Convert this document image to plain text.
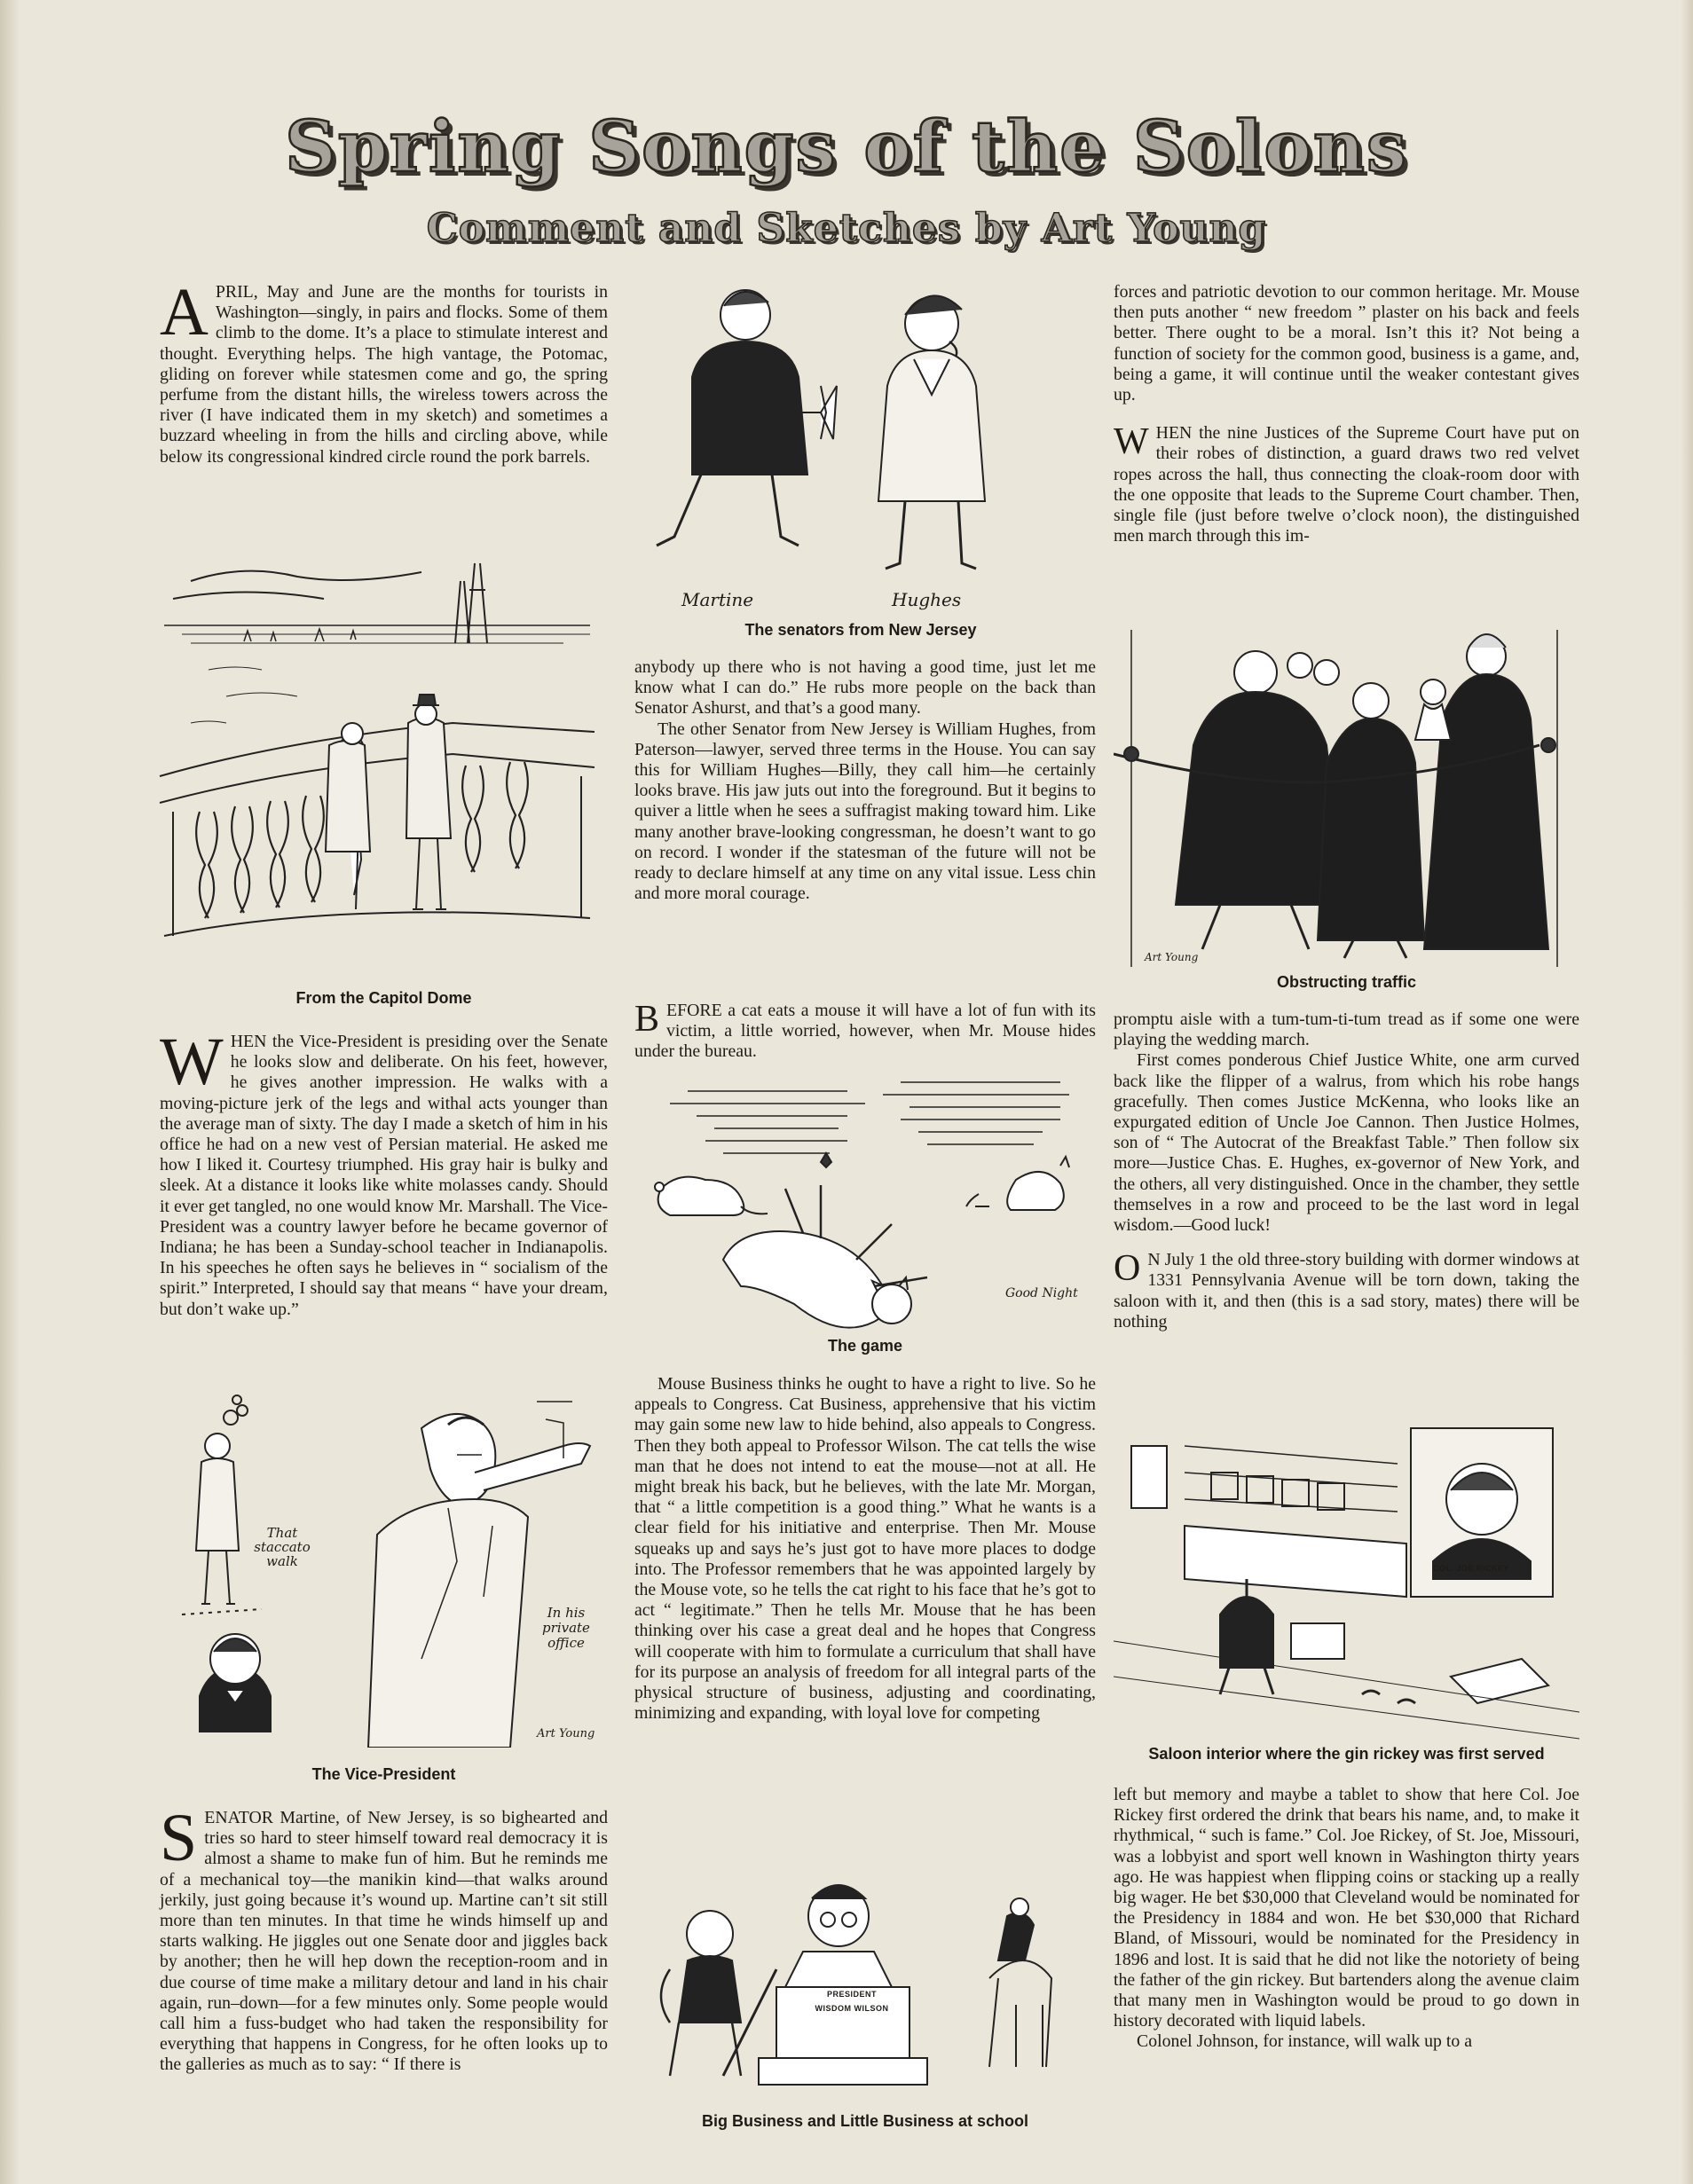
Spring Songs of the Solons
Comment and Sketches by Art Young

APRIL, May and June are the months for tourists in Washington—singly, in pairs and flocks. Some of them climb to the dome. It’s a place to stimulate interest and thought. Everything helps. The high vantage, the Potomac, gliding on forever while statesmen come and go, the spring perfume from the distant hills, the wireless towers across the river (I have indicated them in my sketch) and sometimes a buzzard wheeling in from the hills and circling above, while below its congressional kindred circle round the pork barrels.

From the Capitol Dome

WHEN the Vice-President is presiding over the Senate he looks slow and deliberate. On his feet, however, he gives another impression. He walks with a moving-picture jerk of the legs and withal acts younger than the average man of sixty. The day I made a sketch of him in his office he had on a new vest of Persian material. He asked me how I liked it. Courtesy triumphed. His gray hair is bulky and sleek. At a distance it looks like white molasses candy. Should it ever get tangled, no one would know Mr. Marshall. The Vice-President was a country lawyer before he became governor of Indiana; he has been a Sunday-school teacher in Indianapolis. In his speeches he often says he believes in “ socialism of the spirit.” Interpreted, I should say that means “ have your dream, but don’t wake up.”

That staccato walk
In his private office
Art Young
The Vice-President

SENATOR Martine, of New Jersey, is so bighearted and tries so hard to steer himself toward real democracy it is almost a shame to make fun of him. But he reminds me of a mechanical toy—the manikin kind—that walks around jerkily, just going because it’s wound up. Martine can’t sit still more than ten minutes. In that time he winds himself up and starts walking. He jiggles out one Senate door and jiggles back by another; then he will hep down the reception-room and in due course of time make a military detour and land in his chair again, run–down—for a few minutes only. Some people would call him a fuss-budget who had taken the responsibility for everything that happens in Congress, for he often looks up to the galleries as much as to say: “ If there is

Martine	Hughes
The senators from New Jersey

anybody up there who is not having a good time, just let me know what I can do.” He rubs more people on the back than Senator Ashurst, and that’s a good many.

The other Senator from New Jersey is William Hughes, from Paterson—lawyer, served three terms in the House. You can say this for William Hughes—Billy, they call him—he certainly looks brave. His jaw juts out into the foreground. But it begins to quiver a little when he sees a suffragist making toward him. Like many another brave-looking congressman, he doesn’t want to go on record. I wonder if the statesman of the future will not be ready to declare himself at any time on any vital issue. Less chin and more moral courage.

BEFORE a cat eats a mouse it will have a lot of fun with its victim, a little worried, however, when Mr. Mouse hides under the bureau.

Good Night
The game

Mouse Business thinks he ought to have a right to live. So he appeals to Congress. Cat Business, apprehensive that his victim may gain some new law to hide behind, also appeals to Congress. Then they both appeal to Professor Wilson. The cat tells the wise man that he does not intend to eat the mouse—not at all. He might break his back, but he believes, with the late Mr. Morgan, that “ a little competition is a good thing.” What he wants is a clear field for his initiative and enterprise. Then Mr. Mouse squeaks up and says he’s just got to have more places to dodge into. The Professor remembers that he was appointed largely by the Mouse vote, so he tells the cat right to his face that he’s got to act “ legitimate.” Then he tells Mr. Mouse that he has been thinking over his case a great deal and he hopes that Congress will cooperate with him to formulate a curriculum that shall have for its purpose an analysis of freedom for all integral parts of the physical structure of business, adjusting and coordinating, minimizing and expanding, with loyal love for competing

PRESIDENT
WISDOM WILSON
Big Business and Little Business at school

forces and patriotic devotion to our common heritage. Mr. Mouse then puts another “ new freedom ” plaster on his back and feels better. There ought to be a moral. Isn’t this it? Not being a function of society for the common good, business is a game, and, being a game, it will continue until the weaker contestant gives up.

WHEN the nine Justices of the Supreme Court have put on their robes of distinction, a guard draws two red velvet ropes across the hall, thus connecting the cloak-room door with the one opposite that leads to the Supreme Court chamber. Then, single file (just before twelve o’clock noon), the distinguished men march through this im-

Art Young
Obstructing traffic

promptu aisle with a tum-tum-ti-tum tread as if some one were playing the wedding march.

First comes ponderous Chief Justice White, one arm curved back like the flipper of a walrus, from which his robe hangs gracefully. Then comes Justice McKenna, who looks like an expurgated edition of Uncle Joe Cannon. Then Justice Holmes, son of “ The Autocrat of the Breakfast Table.” Then follow six more—Justice Chas. E. Hughes, ex-governor of New York, and the others, all very distinguished. Once in the chamber, they settle themselves in a row and proceed to be the last word in legal wisdom.—Good luck!

O N July 1 the old three-story building with dormer windows at 1331 Pennsylvania Avenue will be torn down, taking the saloon with it, and then (this is a sad story, mates) there will be nothing

COL. JOE RICKEY
Saloon interior where the gin rickey was first served

left but memory and maybe a tablet to show that here Col. Joe Rickey first ordered the drink that bears his name, and, to make it rhythmical, “ such is fame.” Col. Joe Rickey, of St. Joe, Missouri, was a lobbyist and sport well known in Washington thirty years ago. He was happiest when flipping coins or stacking up a really big wager. He bet $30,000 that Cleveland would be nominated for the Presidency in 1884 and won. He bet $30,000 that Richard Bland, of Missouri, would be nominated for the Presidency in 1896 and lost. It is said that he did not like the notoriety of being the father of the gin rickey. But bartenders along the avenue claim that many men in Washington would be proud to go down in history decorated with liquid labels.

Colonel Johnson, for instance, will walk up to a
